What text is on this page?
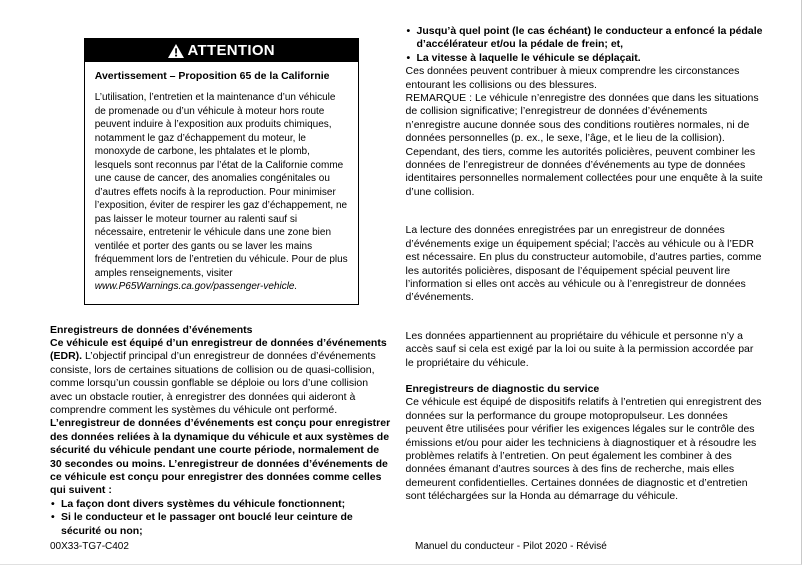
ATTENTION
Avertissement – Proposition 65 de la Californie
L’utilisation, l’entretien et la maintenance d’un véhicule de promenade ou d’un véhicule à moteur hors route peuvent induire à l’exposition aux produits chimiques, notamment le gaz d’échappement du moteur, le monoxyde de carbone, les phtalates et le plomb, lesquels sont reconnus par l’état de la Californie comme une cause de cancer, des anomalies congénitales ou d’autres effets nocifs à la reproduction. Pour minimiser l’exposition, éviter de respirer les gaz d’échappement, ne pas laisser le moteur tourner au ralenti sauf si nécessaire, entretenir le véhicule dans une zone bien ventilée et porter des gants ou se laver les mains fréquemment lors de l’entretien du véhicule. Pour de plus amples renseignements, visiter www.P65Warnings.ca.gov/passenger-vehicle.
Enregistreurs de données d’événements

Ce véhicule est équipé d’un enregistreur de données d’événements (EDR). L’objectif principal d’un enregistreur de données d’événements consiste, lors de certaines situations de collision ou de quasi-collision, comme lorsqu’un coussin gonflable se déploie ou lors d’une collision avec un obstacle routier, à enregistrer des données qui aideront à comprendre comment les systèmes du véhicule ont performé. L’enregistreur de données d’événements est conçu pour enregistrer des données reliées à la dynamique du véhicule et aux systèmes de sécurité du véhicule pendant une courte période, normalement de 30 secondes ou moins. L’enregistreur de données d’événements de ce véhicule est conçu pour enregistrer des données comme celles qui suivent :

• La façon dont divers systèmes du véhicule fonctionnent;
• Si le conducteur et le passager ont bouclé leur ceinture de sécurité ou non;
• Jusqu’à quel point (le cas échéant) le conducteur a enfoncé la pédale d’accélérateur et/ou la pédale de frein; et,
• La vitesse à laquelle le véhicule se déplaçait.

Ces données peuvent contribuer à mieux comprendre les circonstances entourant les collisions ou des blessures.

REMARQUE : Le véhicule n’enregistre des données que dans les situations de collision significative; l’enregistreur de données d’événements n’enregistre aucune donnée sous des conditions routières normales, ni de données personnelles (p. ex., le sexe, l’âge, et le lieu de la collision). Cependant, des tiers, comme les autorités policières, peuvent combiner les données de l’enregistreur de données d’événements au type de données identitaires personnelles normalement collectées pour une enquête à la suite d’une collision.

La lecture des données enregistrées par un enregistreur de données d’événements exige un équipement spécial; l’accès au véhicule ou à l’EDR est nécessaire. En plus du constructeur automobile, d’autres parties, comme les autorités policières, disposant de l’équipement spécial peuvent lire l’information si elles ont accès au véhicule ou à l’enregistreur de données d’événements.

Les données appartiennent au propriétaire du véhicule et personne n’y a accès sauf si cela est exigé par la loi ou suite à la permission accordée par le propriétaire du véhicule.

Enregistreurs de diagnostic du service

Ce véhicule est équipé de dispositifs relatifs à l’entretien qui enregistrent des données sur la performance du groupe motopropulseur. Les données peuvent être utilisées pour vérifier les exigences légales sur le contrôle des émissions et/ou pour aider les techniciens à diagnostiquer et à résoudre les problèmes relatifs à l’entretien. On peut également les combiner à des données émanant d’autres sources à des fins de recherche, mais elles demeurent confidentielles. Certaines données de diagnostic et d’entretien sont téléchargées sur la Honda au démarrage du véhicule.

00X33-TG7-C402	Manuel du conducteur - Pilot 2020 - Révisé
